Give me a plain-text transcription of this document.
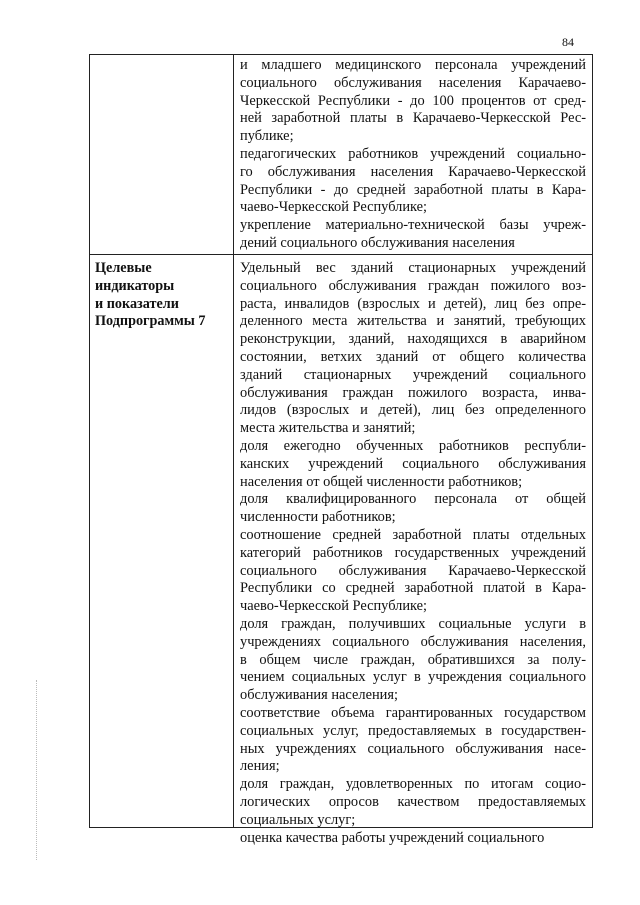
84
и младшего медицинского персонала учреждений
социального обслуживания населения Карачаево-
Черкесской Республики - до 100 процентов от сред-
ней заработной платы в Карачаево-Черкесской Рес-
публике;
педагогических работников учреждений социально-
го обслуживания населения Карачаево-Черкесской
Республики - до средней заработной платы в Кара-
чаево-Черкесской Республике;
укрепление материально-технической базы учреж-
дений социального обслуживания населения
Целевые
индикаторы
и показатели
Подпрограммы 7
Удельный вес зданий стационарных учреждений
социального обслуживания граждан пожилого воз-
раста, инвалидов (взрослых и детей), лиц без опре-
деленного места жительства и занятий, требующих
реконструкции, зданий, находящихся в аварийном
состоянии, ветхих зданий от общего количества
зданий стационарных учреждений социального
обслуживания граждан пожилого возраста, инва-
лидов (взрослых и детей), лиц без определенного
места жительства и занятий;
доля ежегодно обученных работников республи-
канских учреждений социального обслуживания
населения от общей численности работников;
доля квалифицированного персонала от общей
численности работников;
соотношение средней заработной платы отдельных
категорий работников государственных учреждений
социального обслуживания Карачаево-Черкесской
Республики со средней заработной платой в Кара-
чаево-Черкесской Республике;
доля граждан, получивших социальные услуги в
учреждениях социального обслуживания населения,
в общем числе граждан, обратившихся за полу-
чением социальных услуг в учреждения социального
обслуживания населения;
соответствие объема гарантированных государством
социальных услуг, предоставляемых в государствен-
ных учреждениях социального обслуживания насе-
ления;
доля граждан, удовлетворенных по итогам социо-
логических опросов качеством предоставляемых
социальных услуг;
оценка качества работы учреждений социального
